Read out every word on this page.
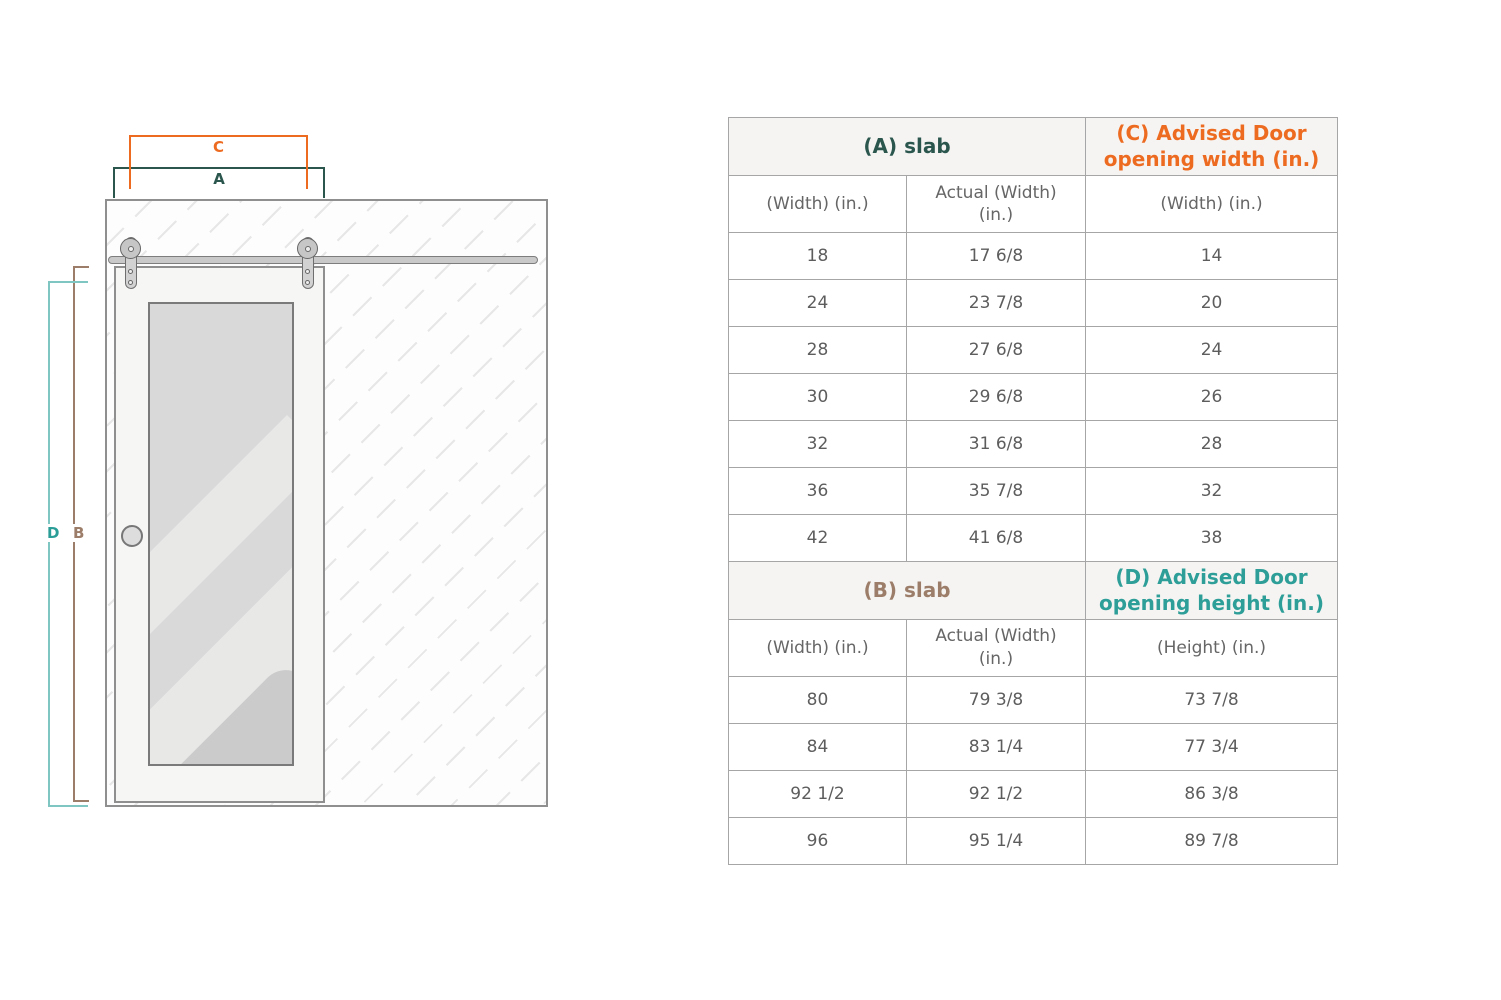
C
A
D B
(A) slab		(C) Advised Door opening width (in.)
(Width) (in.)	Actual (Width) (in.)	(Width) (in.)
18	17 6/8	14
24	23 7/8	20
28	27 6/8	24
30	29 6/8	26
32	31 6/8	28
36	35 7/8	32
42	41 6/8	38
(B) slab		(D) Advised Door opening height (in.)
(Width) (in.)	Actual (Width) (in.)	(Height) (in.)
80	79 3/8	73 7/8
84	83 1/4	77 3/4
92 1/2	92 1/2	86 3/8
96	95 1/4	89 7/8
